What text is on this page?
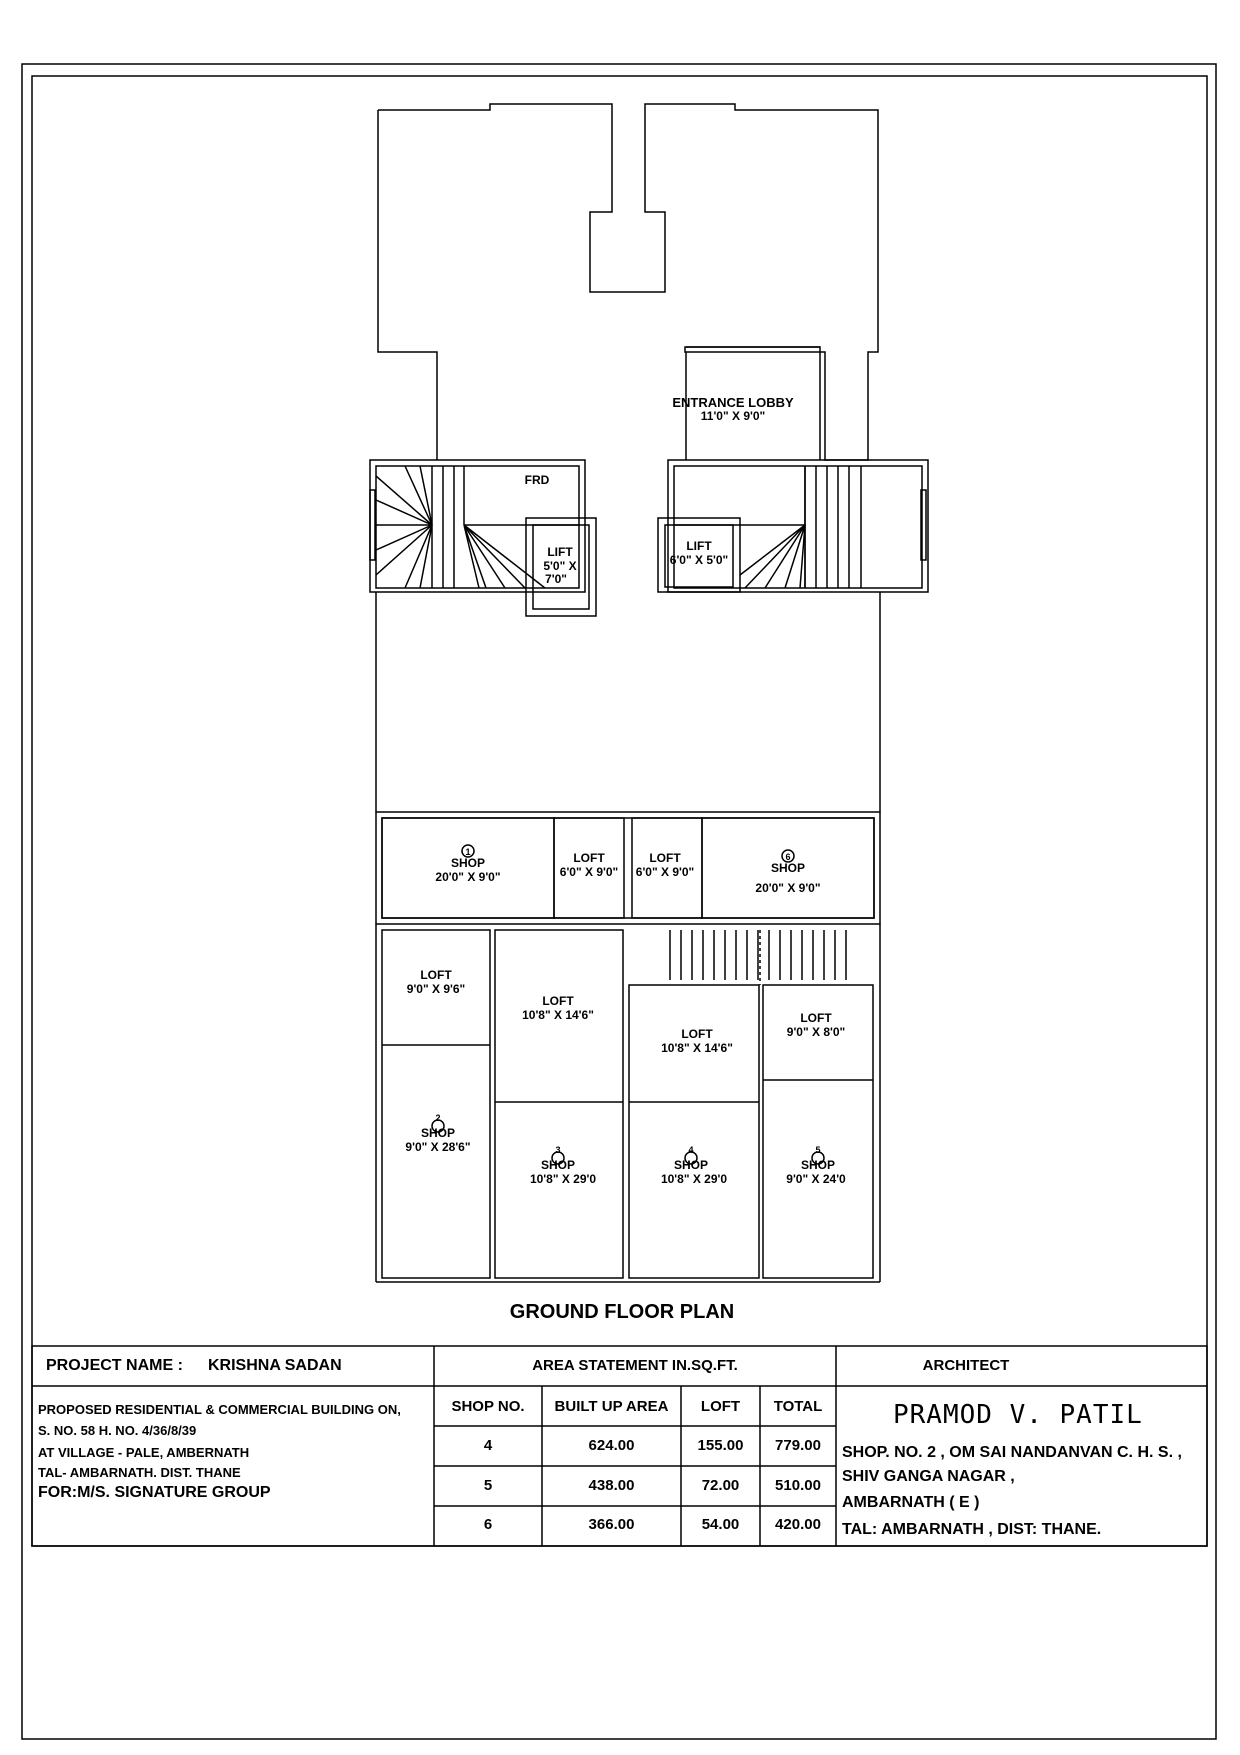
ENTRANCE LOBBY
11'0" X 9'0"
FRD
LIFT
5'0" X
7'0"
LIFT
6'0" X 5'0"
1
SHOP
20'0" X 9'0"
LOFT
6'0" X 9'0"
LOFT
6'0" X 9'0"
6
SHOP
20'0" X 9'0"
LOFT
9'0" X 9'6"
LOFT
10'8" X 14'6"
LOFT
10'8" X 14'6"
LOFT
9'0" X 8'0"
2
SHOP
9'0" X 28'6"	3
SHOP
10'8" X 29'0
4
SHOP
10'8" X 29'0
5
SHOP
9'0" X 24'0
GROUND FLOOR PLAN
PROJECT NAME : KRISHNA SADAN
PROPOSED RESIDENTIAL & COMMERCIAL BUILDING ON,
S. NO. 58 H. NO. 4/36/8/39
AT VILLAGE - PALE, AMBERNATH
TAL- AMBARNATH. DIST. THANE
FOR:M/S. SIGNATURE GROUP
AREA STATEMENT IN.SQ.FT.
SHOP NO.	BUILT UP AREA	LOFT	TOTAL
4	624.00	155.00	779.00
5	438.00	72.00	510.00
6	366.00	54.00	420.00
ARCHITECT
PRAMOD V. PATIL
SHOP. NO. 2 , OM SAI NANDANVAN C. H. S. ,
SHIV GANGA NAGAR ,
AMBARNATH ( E )
TAL: AMBARNATH , DIST: THANE.
